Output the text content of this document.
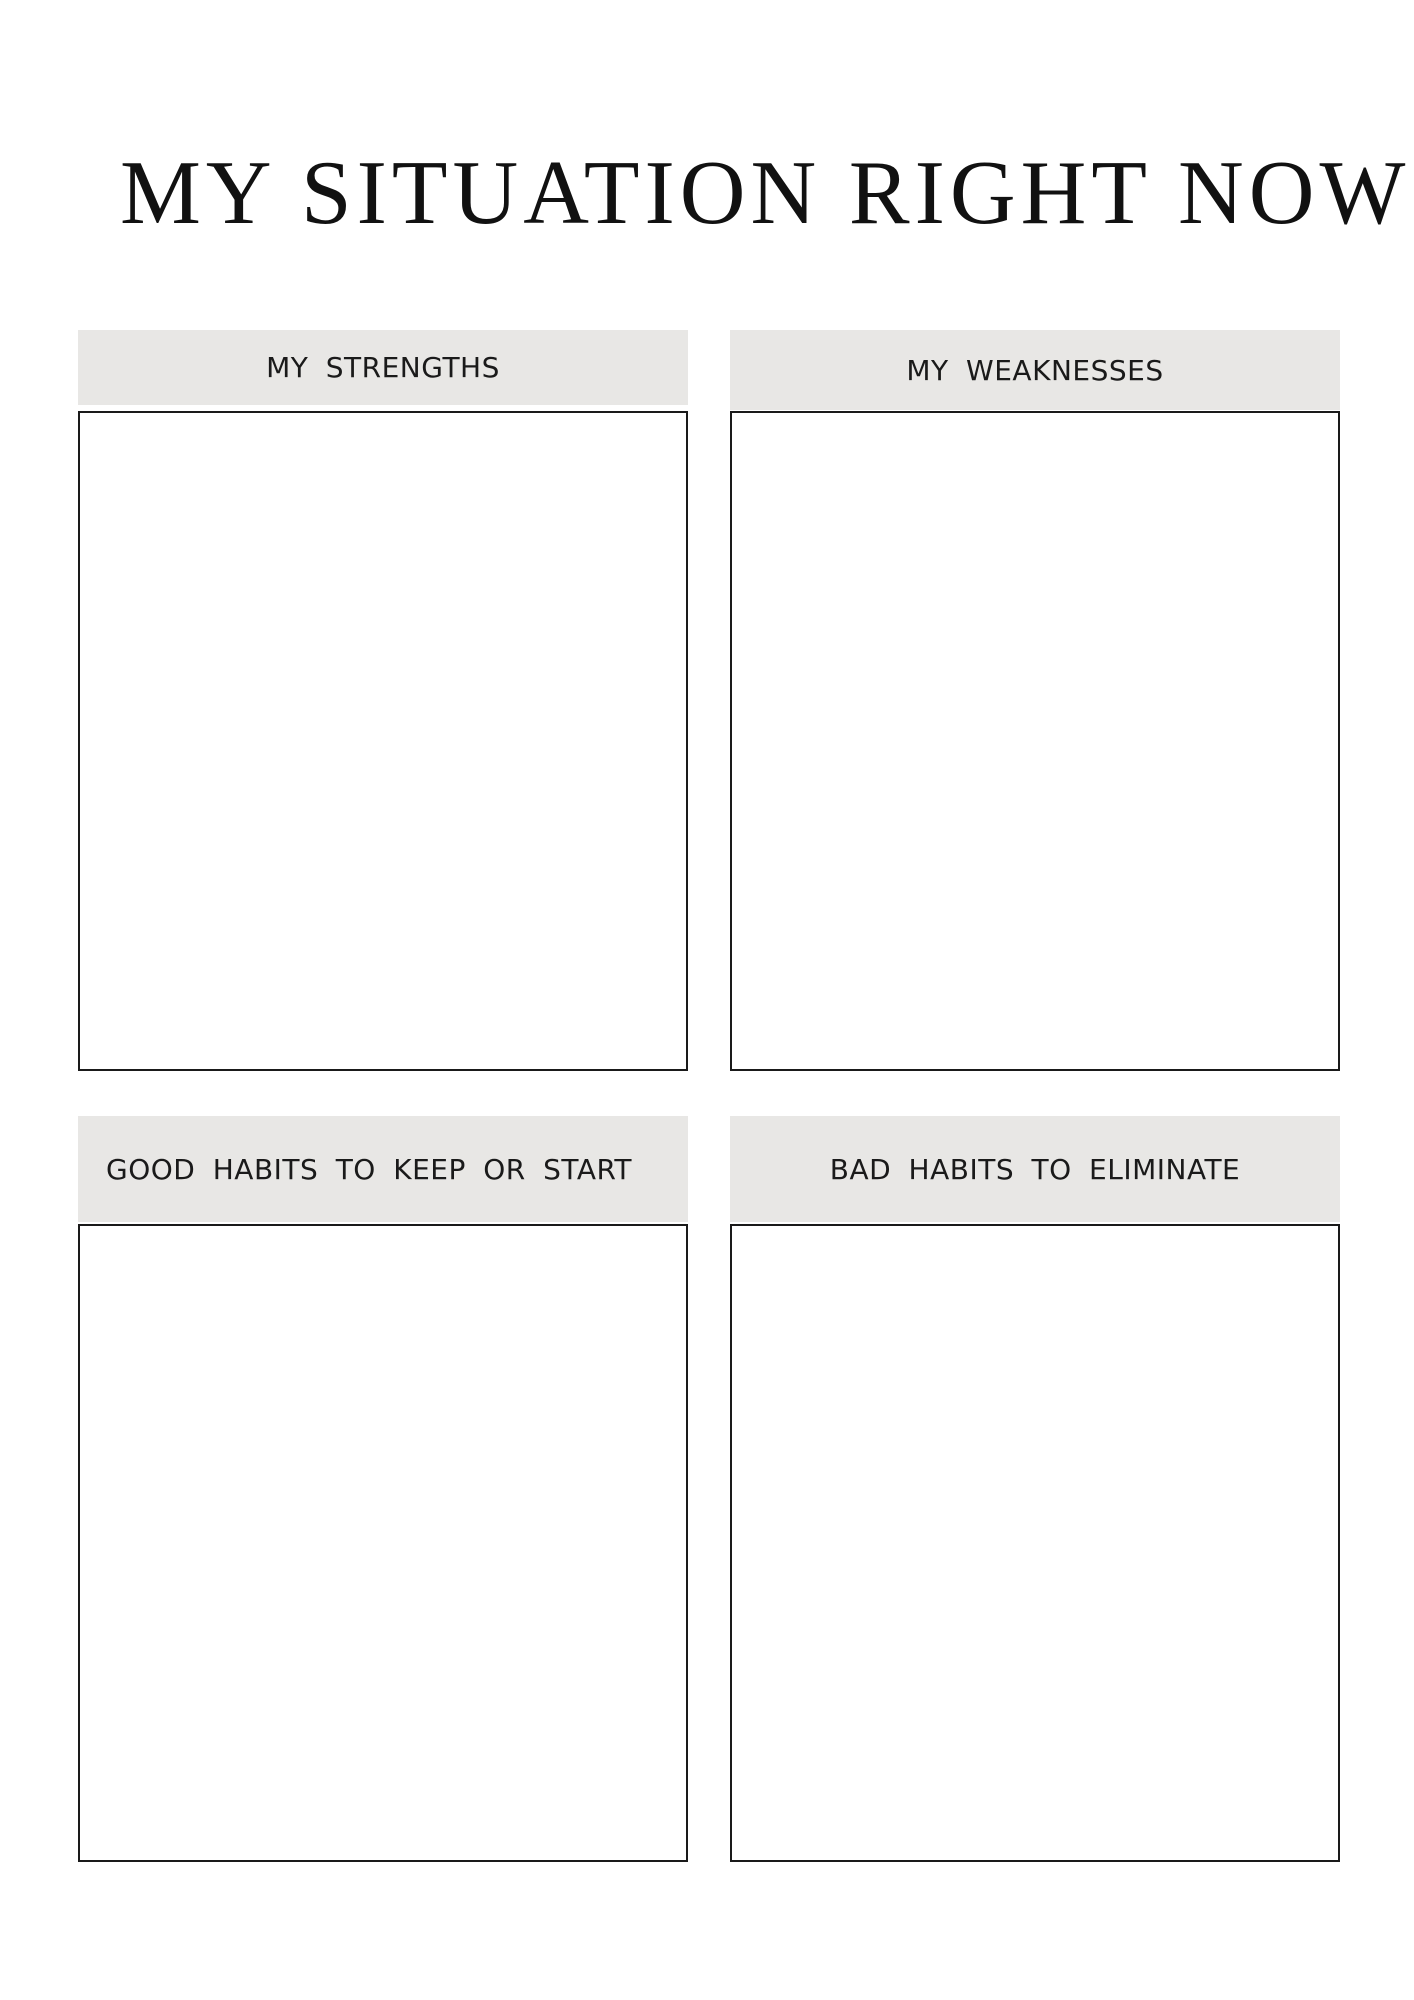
MY SITUATION RIGHT NOW
MY STRENGTHS	MY WEAKNESSES
GOOD HABITS TO KEEP OR START	BAD HABITS TO ELIMINATE
